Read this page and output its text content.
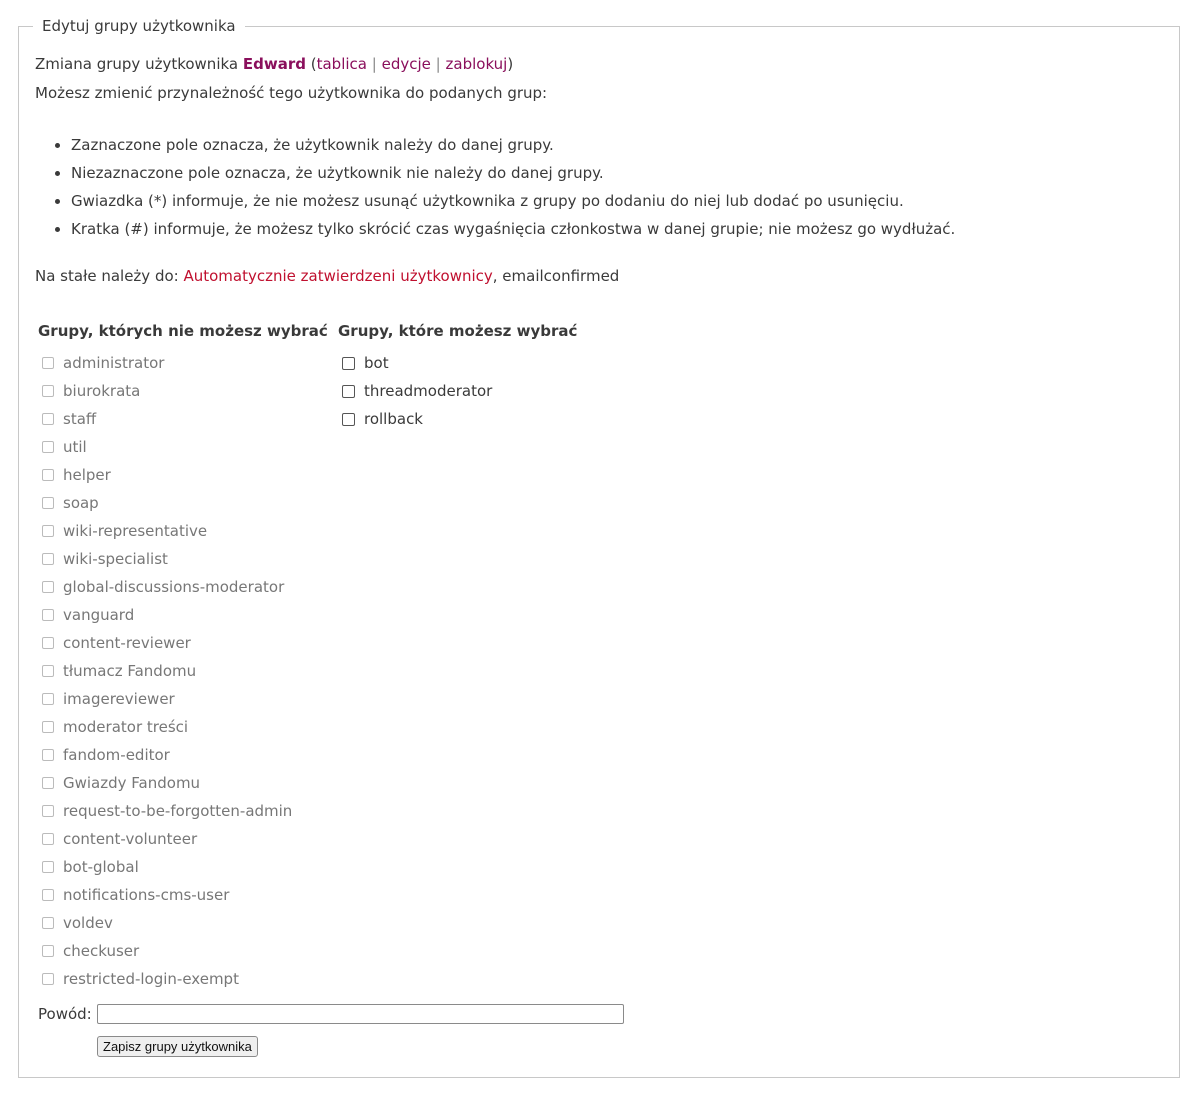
Edytuj grupy użytkownika
Zmiana grupy użytkownika Edward (tablica | edycje | zablokuj)
Możesz zmienić przynależność tego użytkownika do podanych grup:
• Zaznaczone pole oznacza, że użytkownik należy do danej grupy.
• Niezaznaczone pole oznacza, że użytkownik nie należy do danej grupy.
• Gwiazdka (*) informuje, że nie możesz usunąć użytkownika z grupy po dodaniu do niej lub dodać po usunięciu.
• Kratka (#) informuje, że możesz tylko skrócić czas wygaśnięcia członkostwa w danej grupie; nie możesz go wydłużać.
Na stałe należy do: Automatycznie zatwierdzeni użytkownicy, emailconfirmed
Grupy, których nie możesz wybrać Grupy, które możesz wybrać
administrator
biurokrata
staff
util
helper
soap
wiki-representative
wiki-specialist
global-discussions-moderator
vanguard
content-reviewer
tłumacz Fandomu
imagereviewer
moderator treści
fandom-editor
Gwiazdy Fandomu
request-to-be-forgotten-admin
content-volunteer
bot-global
notifications-cms-user
voldev
checkuser
restricted-login-exempt
bot
threadmoderator
rollback
Powód:
Zapisz grupy użytkownika
